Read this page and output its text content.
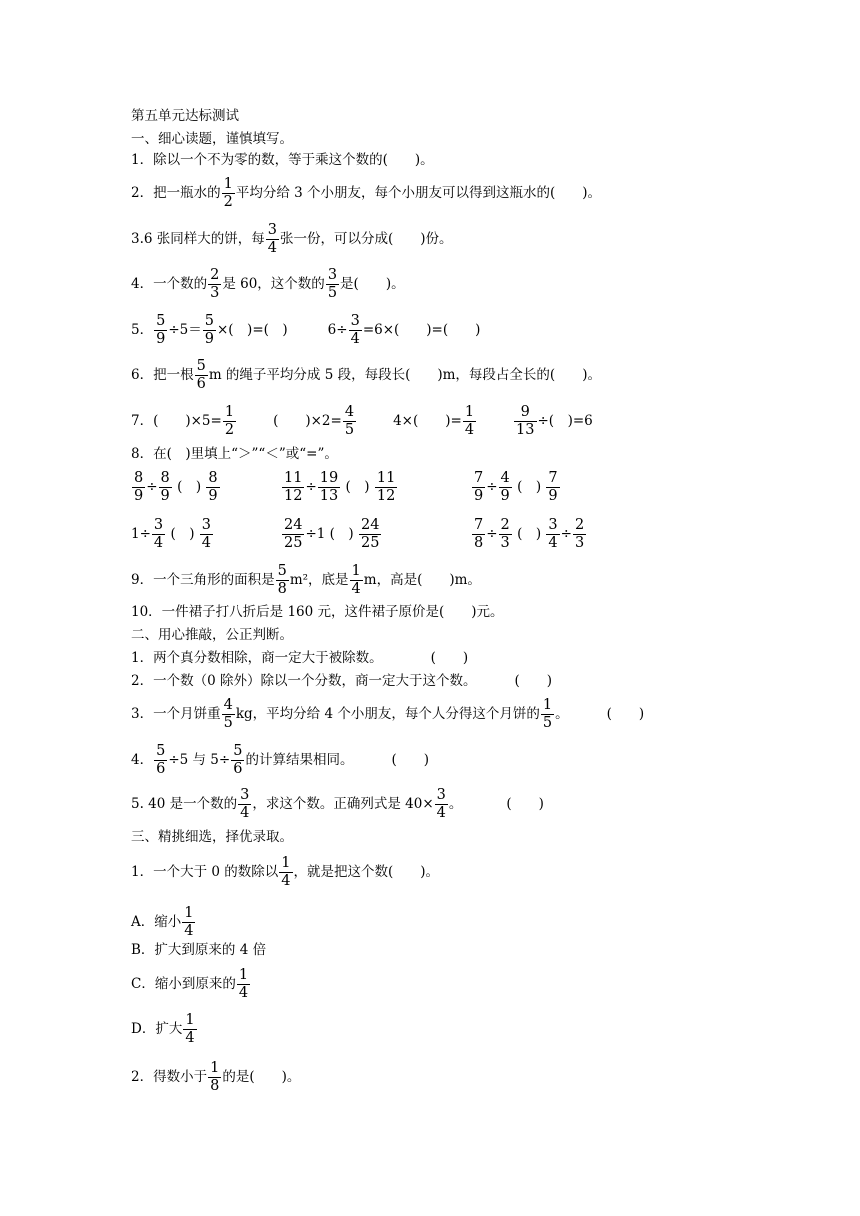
第五单元达标测试
一、细心读题，谨慎填写。
1．除以一个不为零的数，等于乘这个数的(　　)。
2．把一瓶水的 $\frac{1}{2}$ 平均分给 3 个小朋友，每个小朋友可以得到这瓶水的(　　)。
3.6 张同样大的饼，每 $\frac{3}{4}$ 张一份，可以分成(　　)份。
4．一个数的 $\frac{2}{3}$ 是 60，这个数的 $\frac{3}{5}$ 是(　　)。
5． $\frac{5}{9} \div 5= \frac{5}{9}$ ×(　)=(　)	$6\div \frac{3}{4} =6\times$(　　)=(　　)
6．把一根 $\frac{5}{6}$ m 的绳子平均分成 5 段，每段长(　　)m，每段占全长的(　　)。
7．(　　)$\times 5= \frac{1}{2}$	(　　)$\times 2= \frac{4}{5}$	4×(　　)= $\frac{1}{4}$	$\frac{9}{13}$ ÷(　)=6
8．在(　)里填上“＞”“＜”或“=”。
$\frac{8}{9} \div \frac{8}{9}$ (　) $\frac{8}{9}$	$\frac{11}{12} \div \frac{19}{13}$ (　) $\frac{11}{12}$	$\frac{7}{9} \div \frac{4}{9}$ (　) $\frac{7}{9}$
$1\div \frac{3}{4}$ (　) $\frac{3}{4}$	$\frac{24}{25} \div 1$ (　) $\frac{24}{25}$	$\frac{7}{8} \div \frac{2}{3}$ (　) $\frac{3}{4} \div \frac{2}{3}$
9．一个三角形的面积是 $\frac{5}{8} m^2$，底是 $\frac{1}{4}$ m，高是(　　)m。
10．一件裙子打八折后是 160 元，这件裙子原价是(　　)元。
二、用心推敲，公正判断。
1．两个真分数相除，商一定大于被除数。	(　　)
2．一个数（0 除外）除以一个分数，商一定大于这个数。	(　　)
3．一个月饼重 $\frac{4}{5}$ kg，平均分给 4 个小朋友，每个人分得这个月饼的 $\frac{1}{5}$ 。	(　　)
4． $\frac{5}{6} \div 5$ 与 $5\div \frac{5}{6}$ 的计算结果相同。	(　　)
5. 40 是一个数的 $\frac{3}{4}$ ，求这个数。正确列式是 $40\times \frac{3}{4}$ 。	(　　)
三、精挑细选，择优录取。
1．一个大于 0 的数除以 $\frac{1}{4}$ ，就是把这个数(　　)。
A．缩小 $\frac{1}{4}$
B．扩大到原来的 4 倍
C．缩小到原来的 $\frac{1}{4}$
D．扩大 $\frac{1}{4}$
2．得数小于 $\frac{1}{8}$ 的是(　　)。
